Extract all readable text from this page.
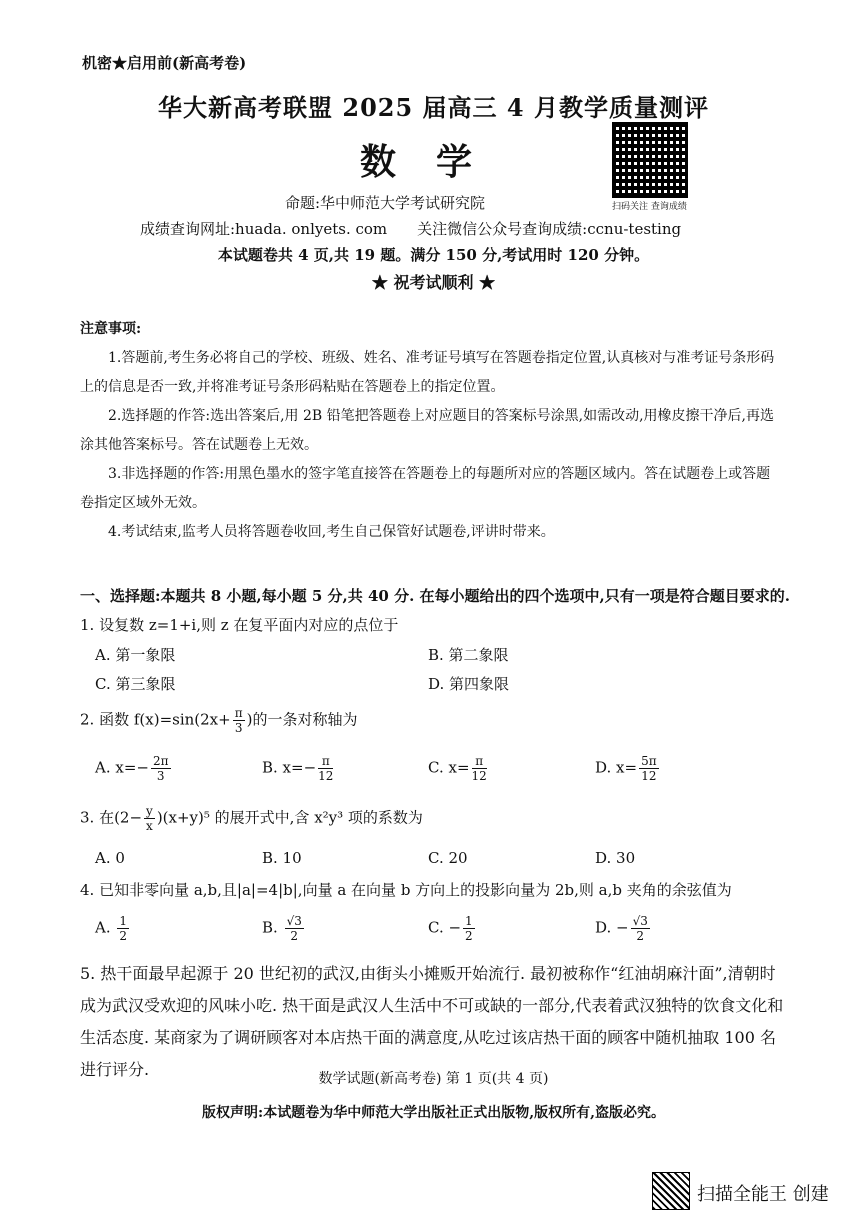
机密★启用前(新高考卷)
华大新高考联盟 2025 届高三 4 月教学质量测评
数学
扫码关注 查询成绩
命题:华中师范大学考试研究院
成绩查询网址:huada. onlyets. com 关注微信公众号查询成绩:ccnu-testing
本试题卷共 4 页,共 19 题。满分 150 分,考试用时 120 分钟。
★ 祝考试顺利 ★
注意事项:

1.答题前,考生务必将自己的学校、班级、姓名、准考证号填写在答题卷指定位置,认真核对与准考证号条形码上的信息是否一致,并将准考证号条形码粘贴在答题卷上的指定位置。

2.选择题的作答:选出答案后,用 2B 铅笔把答题卷上对应题目的答案标号涂黑,如需改动,用橡皮擦干净后,再选涂其他答案标号。答在试题卷上无效。

3.非选择题的作答:用黑色墨水的签字笔直接答在答题卷上的每题所对应的答题区域内。答在试题卷上或答题卷指定区域外无效。

4.考试结束,监考人员将答题卷收回,考生自己保管好试题卷,评讲时带来。

一、选择题:本题共 8 小题,每小题 5 分,共 40 分. 在每小题给出的四个选项中,只有一项是符合题目要求的.
1. 设复数 z=1+i,则 z 在复平面内对应的点位于
A. 第一象限	B. 第二象限
C. 第三象限	D. 第四象限
2. 函数 $f(x)=\sin(2x+ \frac{\pi}{3}$ )的一条对称轴为
A. $x=- \frac{2\pi}{3}$	B. $x=- \frac{\pi}{12}$	C. $x= \frac{\pi}{12}$	D. $x= \frac{5\pi}{12}$
3. 在$(2- \frac{y}{x} )(x+y)^5$ 的展开式中,含 x²y³ 项的系数为
A. 0	B. 10	C. 20	D. 30
4. 已知非零向量 a,b,且|a|=4|b|,向量 a 在向量 b 方向上的投影向量为 2b,则 a,b 夹角的余弦值为
A. $\frac{1}{2}$	B. $\frac{√3}{2}$	C. − $\frac{1}{2}$	D. − $\frac{√3}{2}$
5. 热干面最早起源于 20 世纪初的武汉,由街头小摊贩开始流行. 最初被称作“红油胡麻汁面”,清朝时成为武汉受欢迎的风味小吃. 热干面是武汉人生活中不可或缺的一部分,代表着武汉独特的饮食文化和生活态度. 某商家为了调研顾客对本店热干面的满意度,从吃过该店热干面的顾客中随机抽取 100 名进行评分.	数学试题(新高考卷) 第 1 页(共 4 页)
版权声明:本试题卷为华中师范大学出版社正式出版物,版权所有,盗版必究。
扫描全能王 创建
